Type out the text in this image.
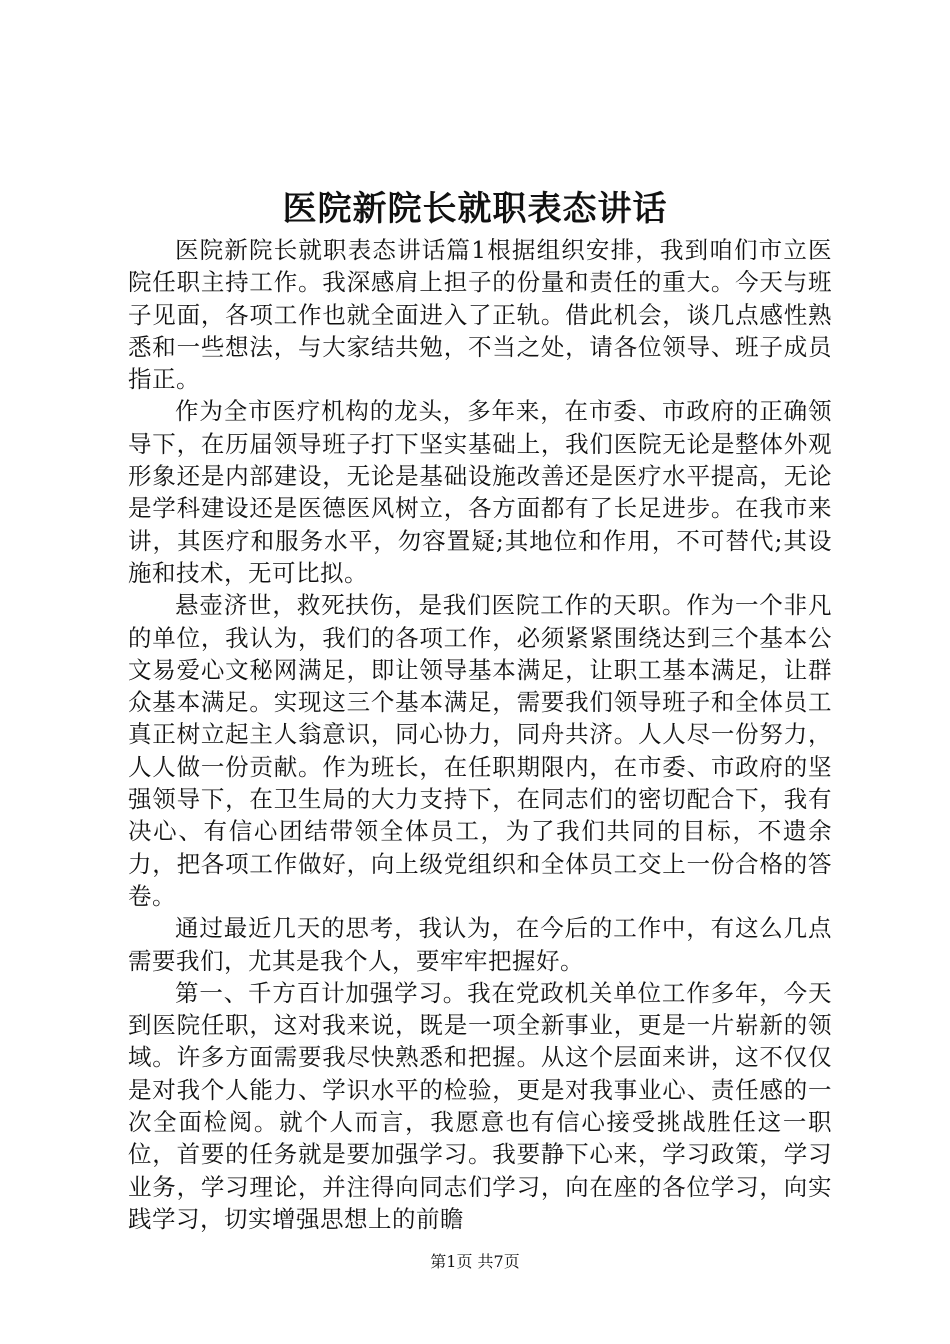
医院新院长就职表态讲话

医院新院长就职表态讲话篇1根据组织安排，我到咱们市立医院任职主持工作。我深感肩上担子的份量和责任的重大。今天与班子见面，各项工作也就全面进入了正轨。借此机会，谈几点感性熟悉和一些想法，与大家结共勉，不当之处，请各位领导、班子成员指正。

作为全市医疗机构的龙头，多年来，在市委、市政府的正确领导下，在历届领导班子打下坚实基础上，我们医院无论是整体外观形象还是内部建设，无论是基础设施改善还是医疗水平提高，无论是学科建设还是医德医风树立，各方面都有了长足进步。在我市来讲，其医疗和服务水平，勿容置疑;其地位和作用，不可替代;其设施和技术，无可比拟。

悬壶济世，救死扶伤，是我们医院工作的天职。作为一个非凡的单位，我认为，我们的各项工作，必须紧紧围绕达到三个基本公文易爱心文秘网满足，即让领导基本满足，让职工基本满足，让群众基本满足。实现这三个基本满足，需要我们领导班子和全体员工真正树立起主人翁意识，同心协力，同舟共济。人人尽一份努力，人人做一份贡献。作为班长，在任职期限内，在市委、市政府的坚强领导下，在卫生局的大力支持下，在同志们的密切配合下，我有决心、有信心团结带领全体员工，为了我们共同的目标，不遗余力，把各项工作做好，向上级党组织和全体员工交上一份合格的答卷。

通过最近几天的思考，我认为，在今后的工作中，有这么几点需要我们，尤其是我个人，要牢牢把握好。

第一、千方百计加强学习。我在党政机关单位工作多年，今天到医院任职，这对我来说，既是一项全新事业，更是一片崭新的领域。许多方面需要我尽快熟悉和把握。从这个层面来讲，这不仅仅是对我个人能力、学识水平的检验，更是对我事业心、责任感的一次全面检阅。就个人而言，我愿意也有信心接受挑战胜任这一职位，首要的任务就是要加强学习。我要静下心来，学习政策，学习业务，学习理论，并注得向同志们学习，向在座的各位学习，向实践学习，切实增强思想上的前瞻

第1页 共7页
